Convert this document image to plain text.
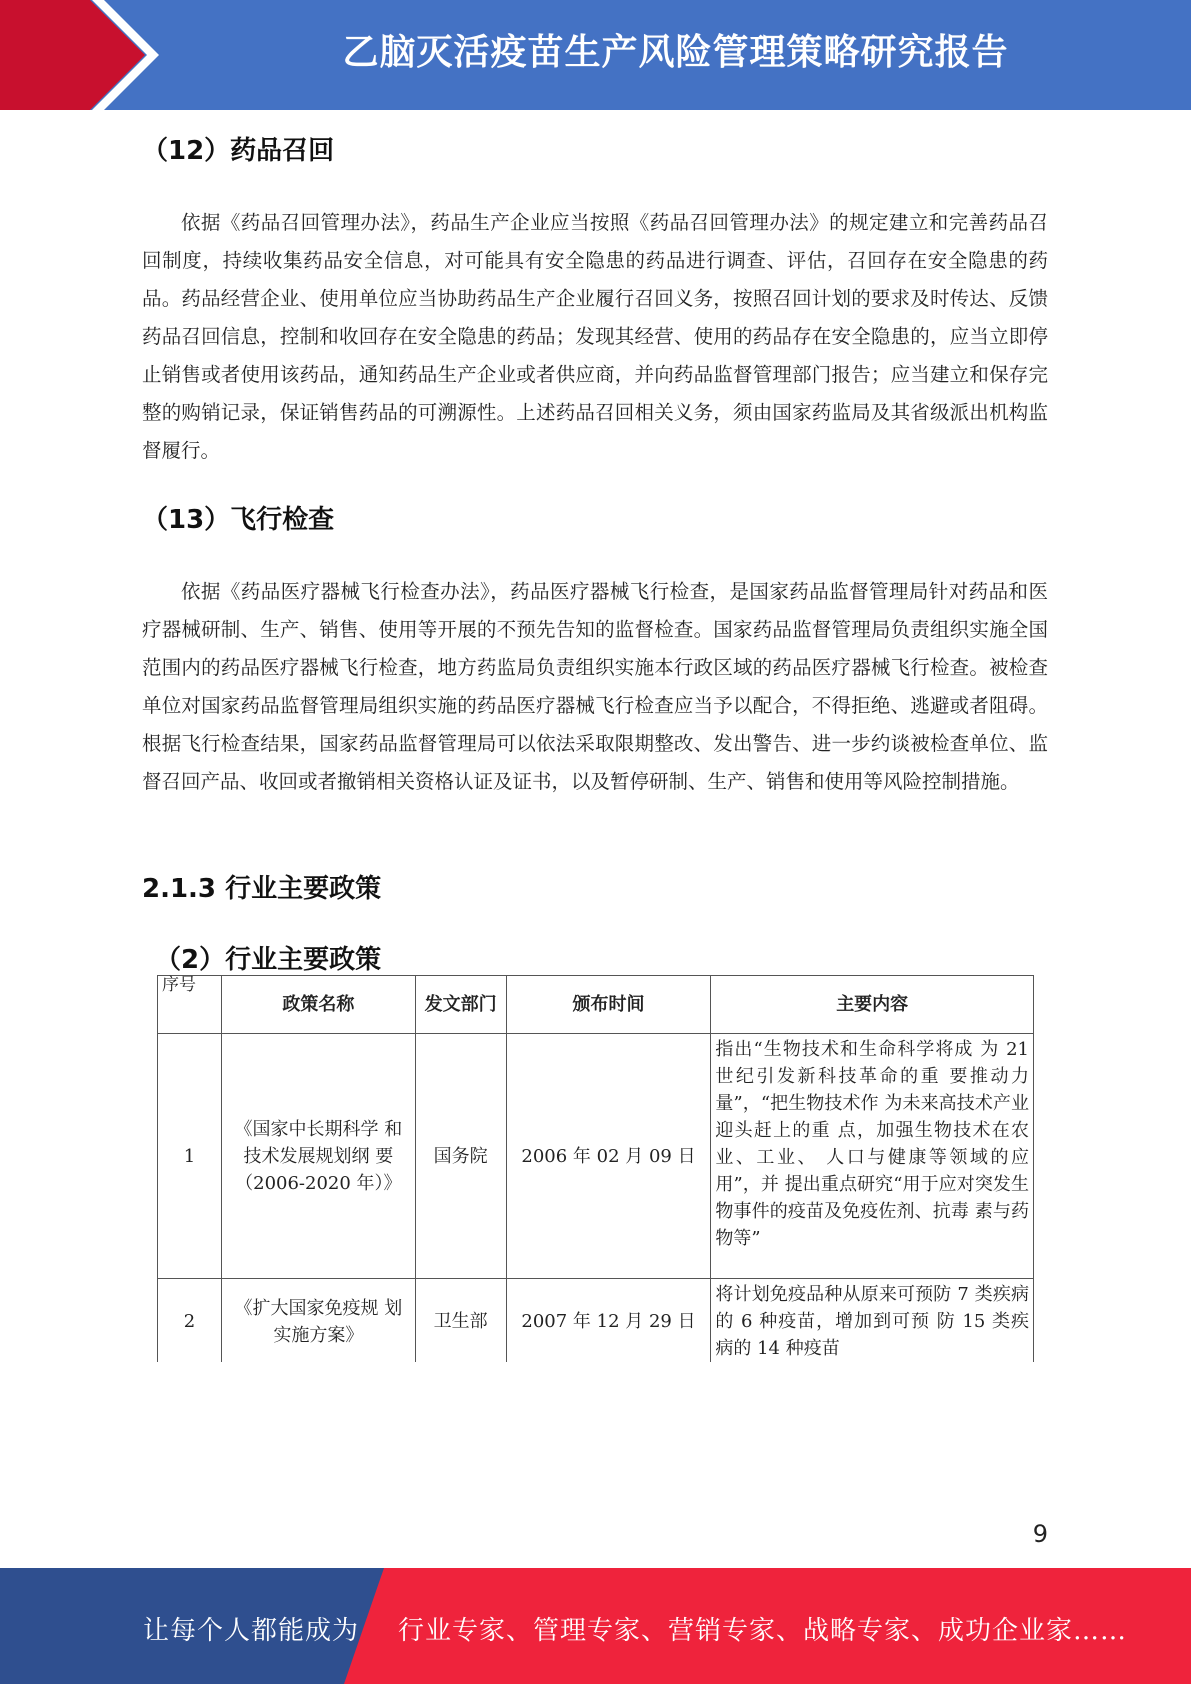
乙脑灭活疫苗生产风险管理策略研究报告
（12）药品召回
依据《药品召回管理办法》，药品生产企业应当按照《药品召回管理办法》的规定建立和完善药品召回制度，持续收集药品安全信息，对可能具有安全隐患的药品进行调查、评估，召回存在安全隐患的药品。药品经营企业、使用单位应当协助药品生产企业履行召回义务，按照召回计划的要求及时传达、反馈药品召回信息，控制和收回存在安全隐患的药品；发现其经营、使用的药品存在安全隐患的，应当立即停止销售或者使用该药品，通知药品生产企业或者供应商，并向药品监督管理部门报告；应当建立和保存完整的购销记录，保证销售药品的可溯源性。上述药品召回相关义务，须由国家药监局及其省级派出机构监督履行。
（13）飞行检查
依据《药品医疗器械飞行检查办法》，药品医疗器械飞行检查，是国家药品监督管理局针对药品和医疗器械研制、生产、销售、使用等开展的不预先告知的监督检查。国家药品监督管理局负责组织实施全国范围内的药品医疗器械飞行检查，地方药监局负责组织实施本行政区域的药品医疗器械飞行检查。被检查单位对国家药品监督管理局组织实施的药品医疗器械飞行检查应当予以配合，不得拒绝、逃避或者阻碍。根据飞行检查结果，国家药品监督管理局可以依法采取限期整改、发出警告、进一步约谈被检查单位、监督召回产品、收回或者撤销相关资格认证及证书，以及暂停研制、生产、销售和使用等风险控制措施。
2.1.3 行业主要政策
（2）行业主要政策
序号	政策名称	发文部门	颁布时间	主要内容
1	《国家中长期科学 和技术发展规划纲 要（2006-2020 年）》	国务院	2006 年 02 月 09 日	指出“生物技术和生命科学将成 为 21 世纪引发新科技革命的重 要推动力量”，“把生物技术作 为未来高技术产业迎头赶上的重 点，加强生物技术在农业、工业、 人口与健康等领域的应用”，并 提出重点研究“用于应对突发生 物事件的疫苗及免疫佐剂、抗毒 素与药物等”
2	《扩大国家免疫规 划实施方案》	卫生部	2007 年 12 月 29 日	将计划免疫品种从原来可预防 7 类疾病的 6 种疫苗，增加到可预 防 15 类疾病的 14 种疫苗
9
让每个人都能成为 行业专家、管理专家、营销专家、战略专家、成功企业家……
